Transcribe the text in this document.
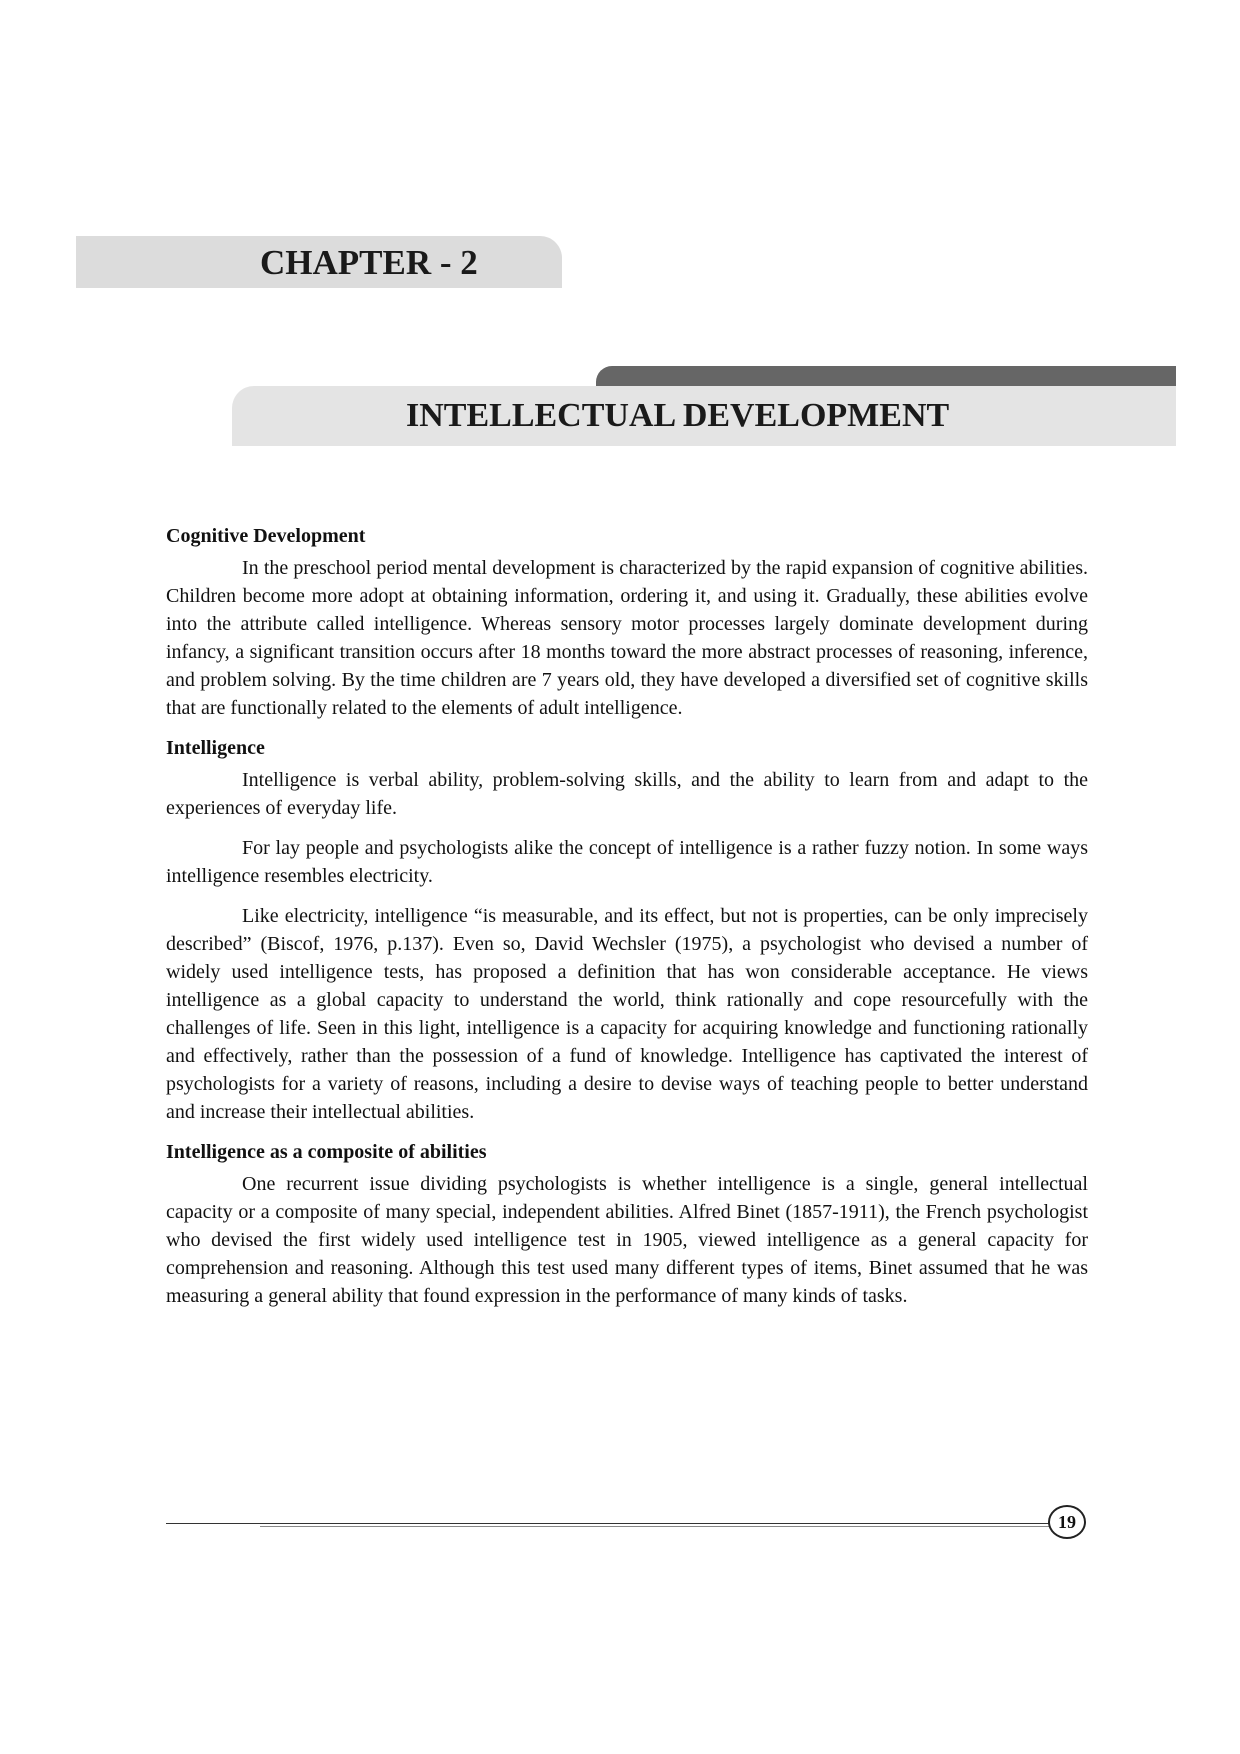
CHAPTER - 2
INTELLECTUAL DEVELOPMENT
Cognitive Development

In the preschool period mental development is characterized by the rapid expansion of cognitive abilities. Children become more adopt at obtaining information, ordering it, and using it. Gradually, these abilities evolve into the attribute called intelligence. Whereas sensory motor processes largely dominate development during infancy, a significant transition occurs after 18 months toward the more abstract processes of reasoning, inference, and problem solving. By the time children are 7 years old, they have developed a diversified set of cognitive skills that are functionally related to the elements of adult intelligence.

Intelligence

Intelligence is verbal ability, problem-solving skills, and the ability to learn from and adapt to the experiences of everyday life.

For lay people and psychologists alike the concept of intelligence is a rather fuzzy notion. In some ways intelligence resembles electricity.

Like electricity, intelligence “is measurable, and its effect, but not is properties, can be only imprecisely described” (Biscof, 1976, p.137). Even so, David Wechsler (1975), a psychologist who devised a number of widely used intelligence tests, has proposed a definition that has won considerable acceptance. He views intelligence as a global capacity to understand the world, think rationally and cope resourcefully with the challenges of life. Seen in this light, intelligence is a capacity for acquiring knowledge and functioning rationally and effectively, rather than the possession of a fund of knowledge. Intelligence has captivated the interest of psychologists for a variety of reasons, including a desire to devise ways of teaching people to better understand and increase their intellectual abilities.

Intelligence as a composite of abilities

One recurrent issue dividing psychologists is whether intelligence is a single, general intellectual capacity or a composite of many special, independent abilities. Alfred Binet (1857-1911), the French psychologist who devised the first widely used intelligence test in 1905, viewed intelligence as a general capacity for comprehension and reasoning. Although this test used many different types of items, Binet assumed that he was measuring a general ability that found expression in the performance of many kinds of tasks.

19
